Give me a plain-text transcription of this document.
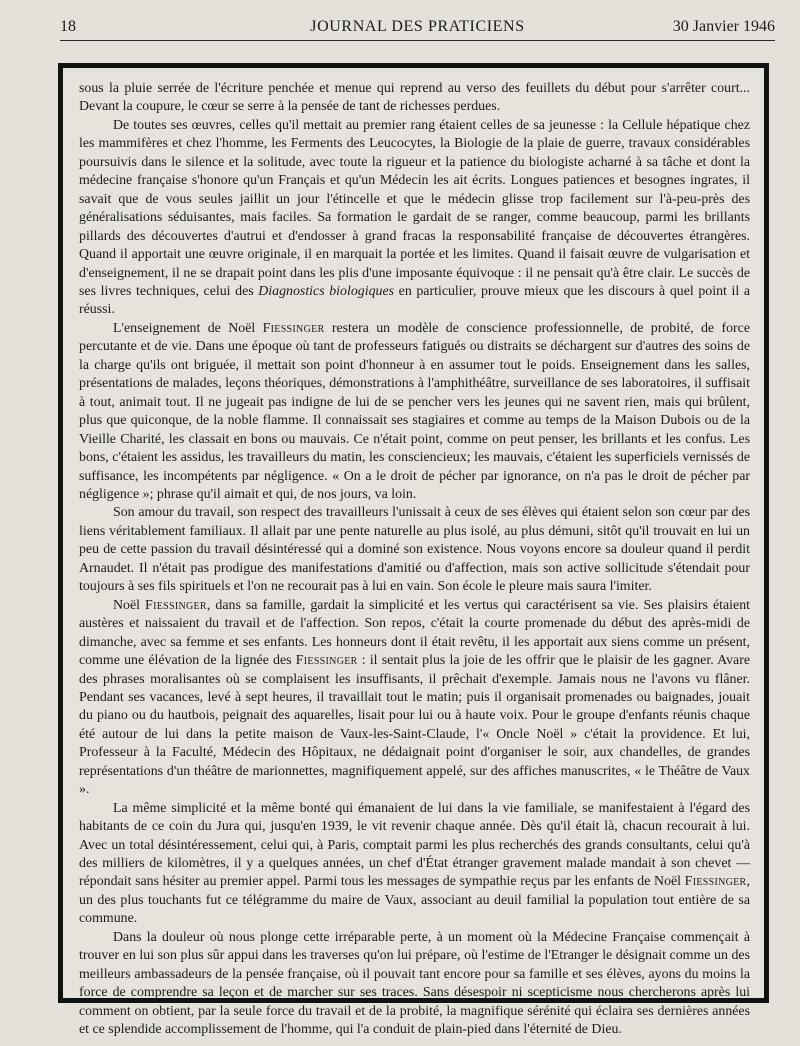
18	JOURNAL DES PRATICIENS	30 Janvier 1946

sous la pluie serrée de l'écriture penchée et menue qui reprend au verso des feuillets du début pour s'arrêter court... Devant la coupure, le cœur se serre à la pensée de tant de richesses perdues.

De toutes ses œuvres, celles qu'il mettait au premier rang étaient celles de sa jeunesse : la Cellule hépatique chez les mammifères et chez l'homme, les Ferments des Leucocytes, la Biologie de la plaie de guerre, travaux considérables poursuivis dans le silence et la solitude, avec toute la rigueur et la patience du biologiste acharné à sa tâche et dont la médecine française s'honore qu'un Français et qu'un Médecin les ait écrits. Longues patiences et besognes ingrates, il savait que de vous seules jaillit un jour l'étincelle et que le médecin glisse trop facilement sur l'à-peu-près des généralisations séduisantes, mais faciles. Sa formation le gardait de se ranger, comme beaucoup, parmi les brillants pillards des découvertes d'autrui et d'endosser à grand fracas la responsabilité française de découvertes étrangères. Quand il apportait une œuvre originale, il en marquait la portée et les limites. Quand il faisait œuvre de vulgarisation et d'enseignement, il ne se drapait point dans les plis d'une imposante équivoque : il ne pensait qu'à être clair. Le succès de ses livres techniques, celui des Diagnostics biologiques en particulier, prouve mieux que les discours à quel point il a réussi.

L'enseignement de Noël Fiessinger restera un modèle de conscience professionnelle, de probité, de force percutante et de vie. Dans une époque où tant de professeurs fatigués ou distraits se déchargent sur d'autres des soins de la charge qu'ils ont briguée, il mettait son point d'honneur à en assumer tout le poids. Enseignement dans les salles, présentations de malades, leçons théoriques, démonstrations à l'amphithéâtre, surveillance de ses laboratoires, il suffisait à tout, animait tout. Il ne jugeait pas indigne de lui de se pencher vers les jeunes qui ne savent rien, mais qui brûlent, plus que quiconque, de la noble flamme. Il connaissait ses stagiaires et comme au temps de la Maison Dubois ou de la Vieille Charité, les classait en bons ou mauvais. Ce n'était point, comme on peut penser, les brillants et les confus. Les bons, c'étaient les assidus, les travailleurs du matin, les consciencieux; les mauvais, c'étaient les superficiels vernissés de suffisance, les incompétents par négligence. « On a le droit de pécher par ignorance, on n'a pas le droit de pécher par négligence »; phrase qu'il aimait et qui, de nos jours, va loin.

Son amour du travail, son respect des travailleurs l'unissait à ceux de ses élèves qui étaient selon son cœur par des liens véritablement familiaux. Il allait par une pente naturelle au plus isolé, au plus démuni, sitôt qu'il trouvait en lui un peu de cette passion du travail désintéressé qui a dominé son existence. Nous voyons encore sa douleur quand il perdit Arnaudet. Il n'était pas prodigue des manifestations d'amitié ou d'affection, mais son active sollicitude s'étendait pour toujours à ses fils spirituels et l'on ne recourait pas à lui en vain. Son école le pleure mais saura l'imiter.

Noël Fiessinger, dans sa famille, gardait la simplicité et les vertus qui caractérisent sa vie. Ses plaisirs étaient austères et naissaient du travail et de l'affection. Son repos, c'était la courte promenade du début des après-midi de dimanche, avec sa femme et ses enfants. Les honneurs dont il était revêtu, il les apportait aux siens comme un présent, comme une élévation de la lignée des Fiessinger : il sentait plus la joie de les offrir que le plaisir de les gagner. Avare des phrases moralisantes où se complaisent les insuffisants, il prêchait d'exemple. Jamais nous ne l'avons vu flâner. Pendant ses vacances, levé à sept heures, il travaillait tout le matin; puis il organisait promenades ou baignades, jouait du piano ou du hautbois, peignait des aquarelles, lisait pour lui ou à haute voix. Pour le groupe d'enfants réunis chaque été autour de lui dans la petite maison de Vaux-les-Saint-Claude, l'« Oncle Noël » c'était la providence. Et lui, Professeur à la Faculté, Médecin des Hôpitaux, ne dédaignait point d'organiser le soir, aux chandelles, de grandes représentations d'un théâtre de marionnettes, magnifiquement appelé, sur des affiches manuscrites, « le Théâtre de Vaux ».

La même simplicité et la même bonté qui émanaient de lui dans la vie familiale, se manifestaient à l'égard des habitants de ce coin du Jura qui, jusqu'en 1939, le vit revenir chaque année. Dès qu'il était là, chacun recourait à lui. Avec un total désintéressement, celui qui, à Paris, comptait parmi les plus recherchés des grands consultants, celui qu'à des milliers de kilomètres, il y a quelques années, un chef d'État étranger gravement malade mandait à son chevet — répondait sans hésiter au premier appel. Parmi tous les messages de sympathie reçus par les enfants de Noël Fiessinger, un des plus touchants fut ce télégramme du maire de Vaux, associant au deuil familial la population tout entière de sa commune.

Dans la douleur où nous plonge cette irréparable perte, à un moment où la Médecine Française commençait à trouver en lui son plus sûr appui dans les traverses qu'on lui prépare, où l'estime de l'Etranger le désignait comme un des meilleurs ambassadeurs de la pensée française, où il pouvait tant encore pour sa famille et ses élèves, ayons du moins la force de comprendre sa leçon et de marcher sur ses traces. Sans désespoir ni scepticisme nous chercherons après lui comment on obtient, par la seule force du travail et de la probité, la magnifique sérénité qui éclaira ses dernières années et ce splendide accomplissement de l'homme, qui l'a conduit de plain-pied dans l'éternité de Dieu.
